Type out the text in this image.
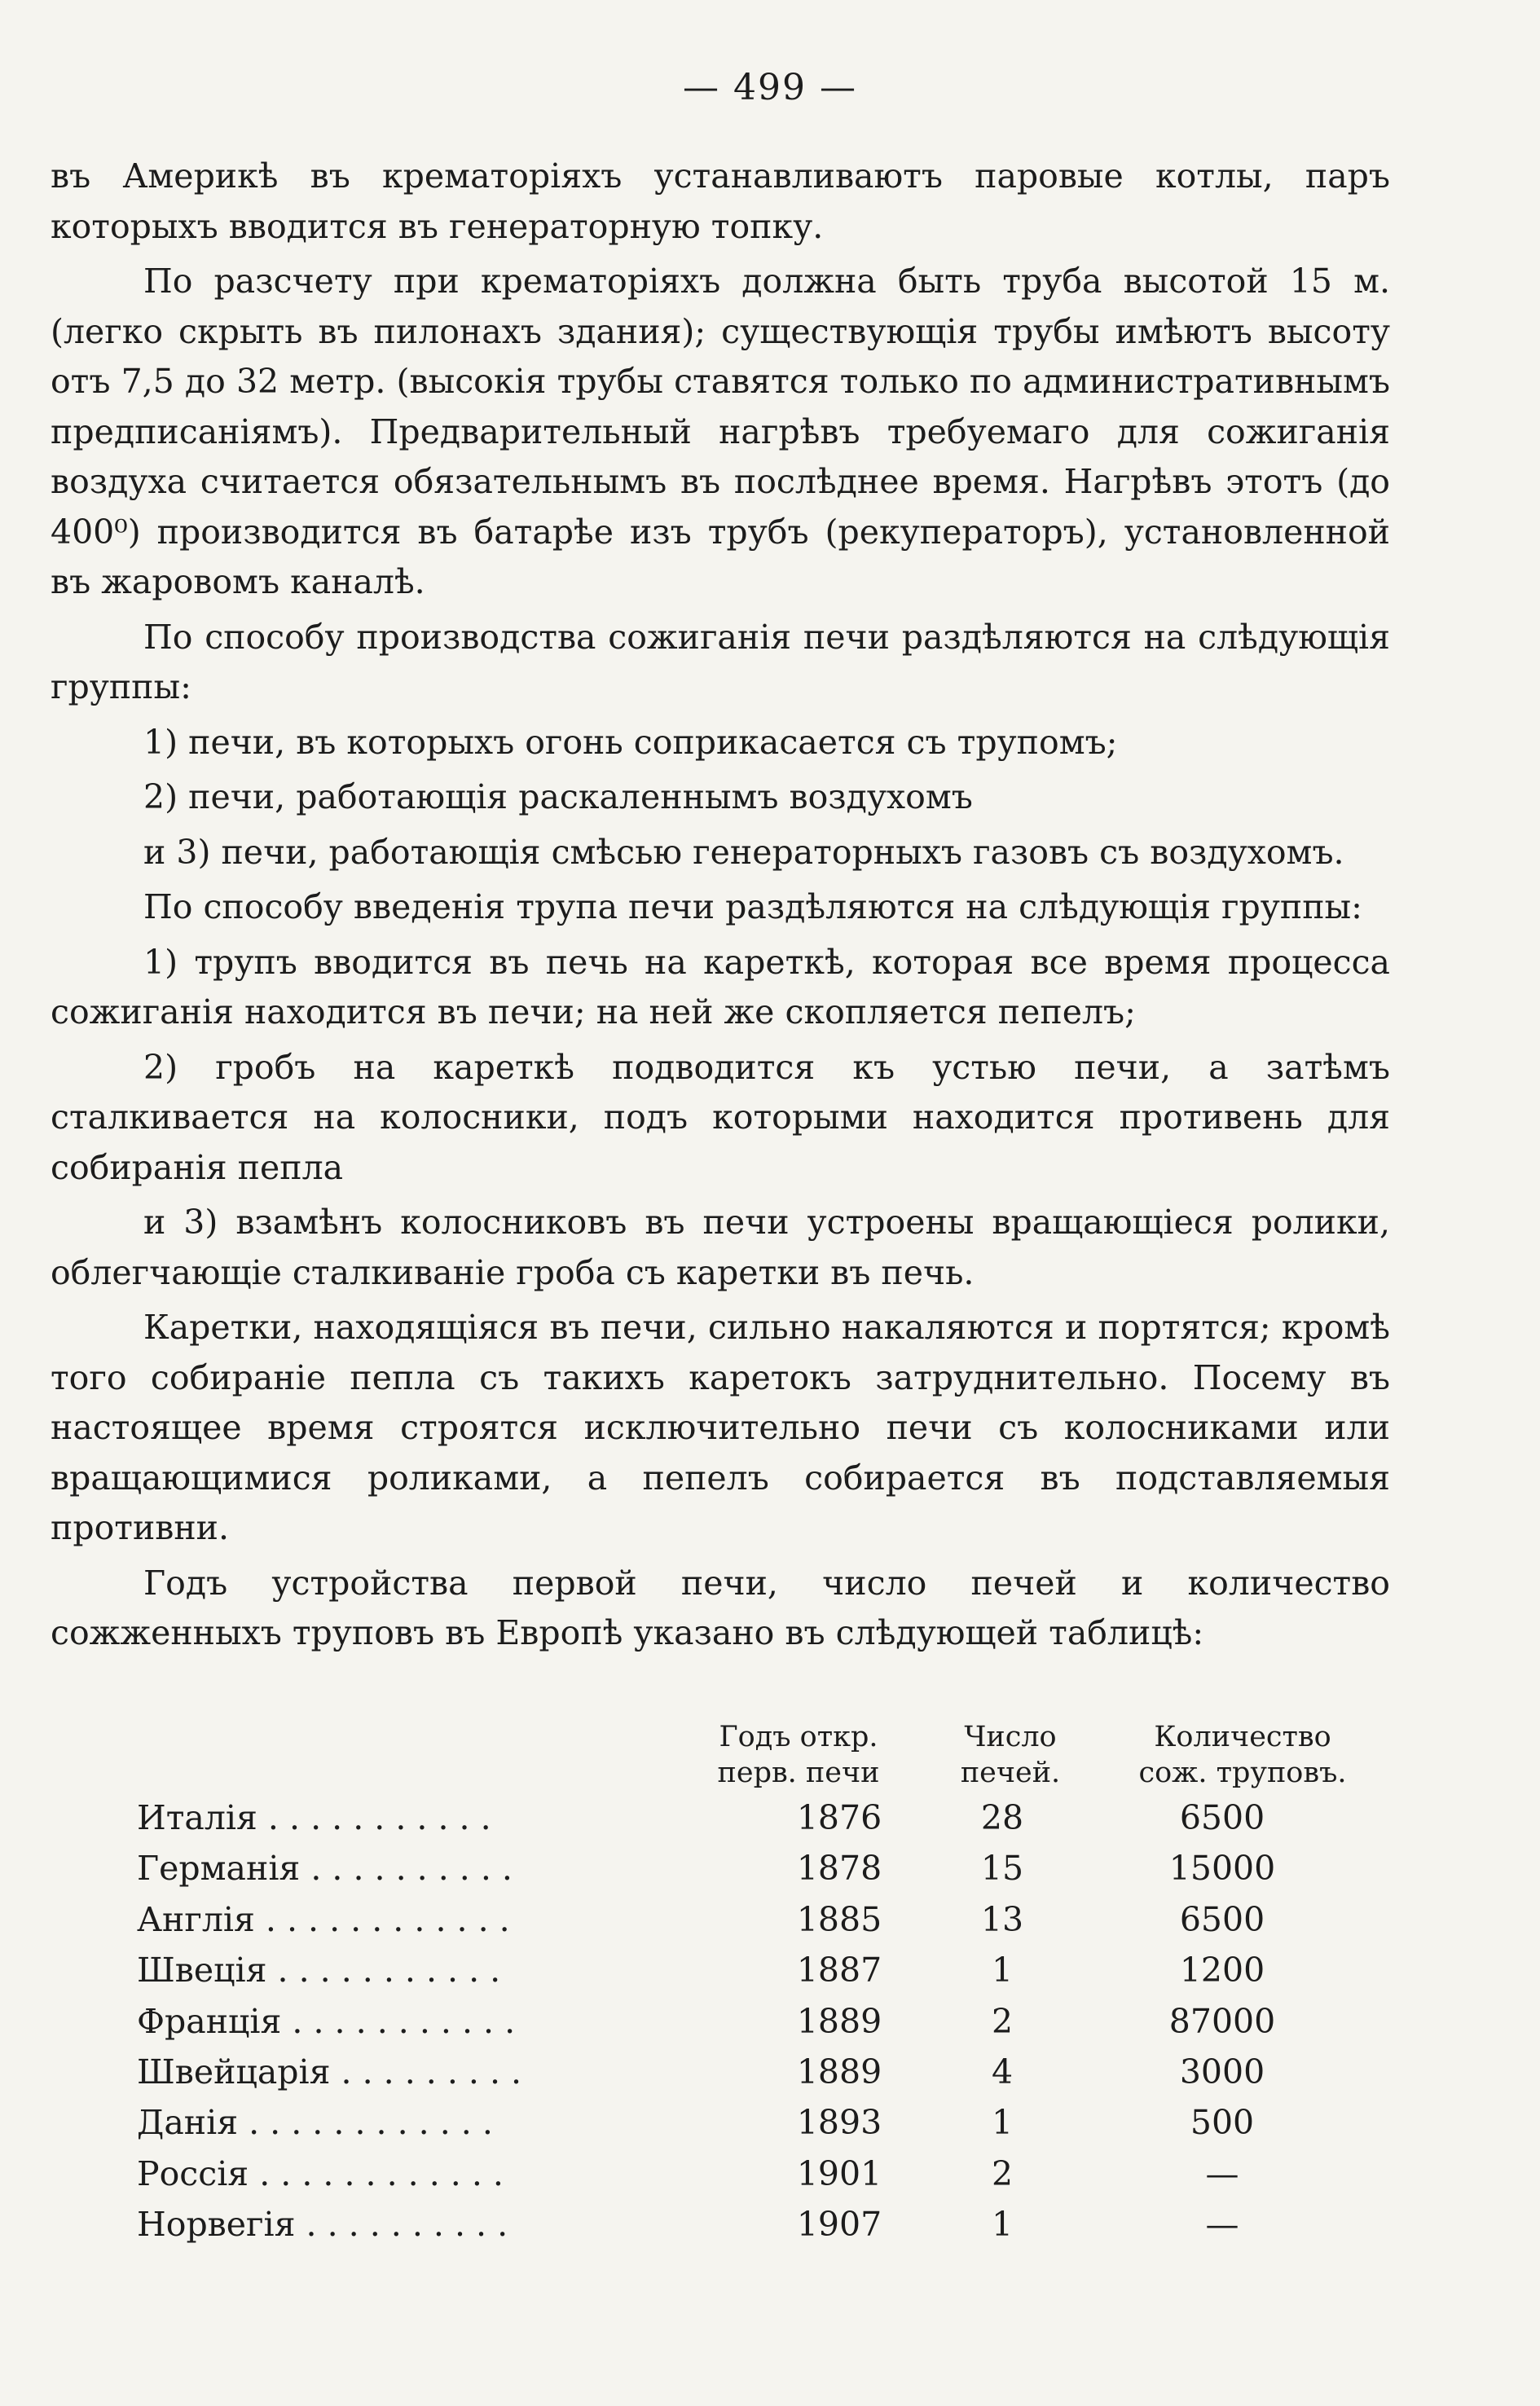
— 499 —

въ Америкѣ въ крематоріяхъ устанавливаютъ паровые котлы, паръ которыхъ вводится въ генераторную топку.

По разсчету при крематоріяхъ должна быть труба высотой 15 м. (легко скрыть въ пилонахъ здания); существующія трубы имѣютъ высоту отъ 7,5 до 32 метр. (высокія трубы ставятся только по административнымъ предписаніямъ). Предварительный нагрѣвъ требуемаго для сожиганія воздуха считается обязательнымъ въ послѣднее время. Нагрѣвъ этотъ (до 400⁰) производится въ батарѣе изъ трубъ (рекуператоръ), установленной въ жаровомъ каналѣ.

По способу производства сожиганія печи раздѣляются на слѣдующія группы:

1) печи, въ которыхъ огонь соприкасается съ трупомъ;

2) печи, работающія раскаленнымъ воздухомъ

и 3) печи, работающія смѣсью генераторныхъ газовъ съ воздухомъ.

По способу введенія трупа печи раздѣляются на слѣдующія группы:

1) трупъ вводится въ печь на кареткѣ, которая все время процесса сожиганія находится въ печи; на ней же скопляется пепелъ;

2) гробъ на кареткѣ подводится къ устью печи, а затѣмъ сталкивается на колосники, подъ которыми находится противень для собиранія пепла

и 3) взамѣнъ колосниковъ въ печи устроены вращающіеся ролики, облегчающіе сталкиваніе гроба съ каретки въ печь.

Каретки, находящіяся въ печи, сильно накаляются и портятся; кромѣ того собираніе пепла съ такихъ каретокъ затруднительно. Посему въ настоящее время строятся исключительно печи съ колосниками или вращающимися роликами, а пепелъ собирается въ подставляемыя противни.

Годъ устройства первой печи, число печей и количество сожженныхъ труповъ въ Европѣ указано въ слѣдующей таблицѣ:

Годъ откр.
перв. печи
Число
печей.
Количество
сож. труповъ.
Италія . . . . . . . . . . .	1876	28	6500
Германія . . . . . . . . . .	1878	15	15000
Англія . . . . . . . . . . . .	1885	13	6500
Швеція . . . . . . . . . . .	1887	1	1200
Франція . . . . . . . . . . .	1889	2	87000
Швейцарія . . . . . . . . .	1889	4	3000
Данія . . . . . . . . . . . .	1893	1	500
Россія . . . . . . . . . . . .	1901	2	—
Норвегія . . . . . . . . . .	1907	1	—
